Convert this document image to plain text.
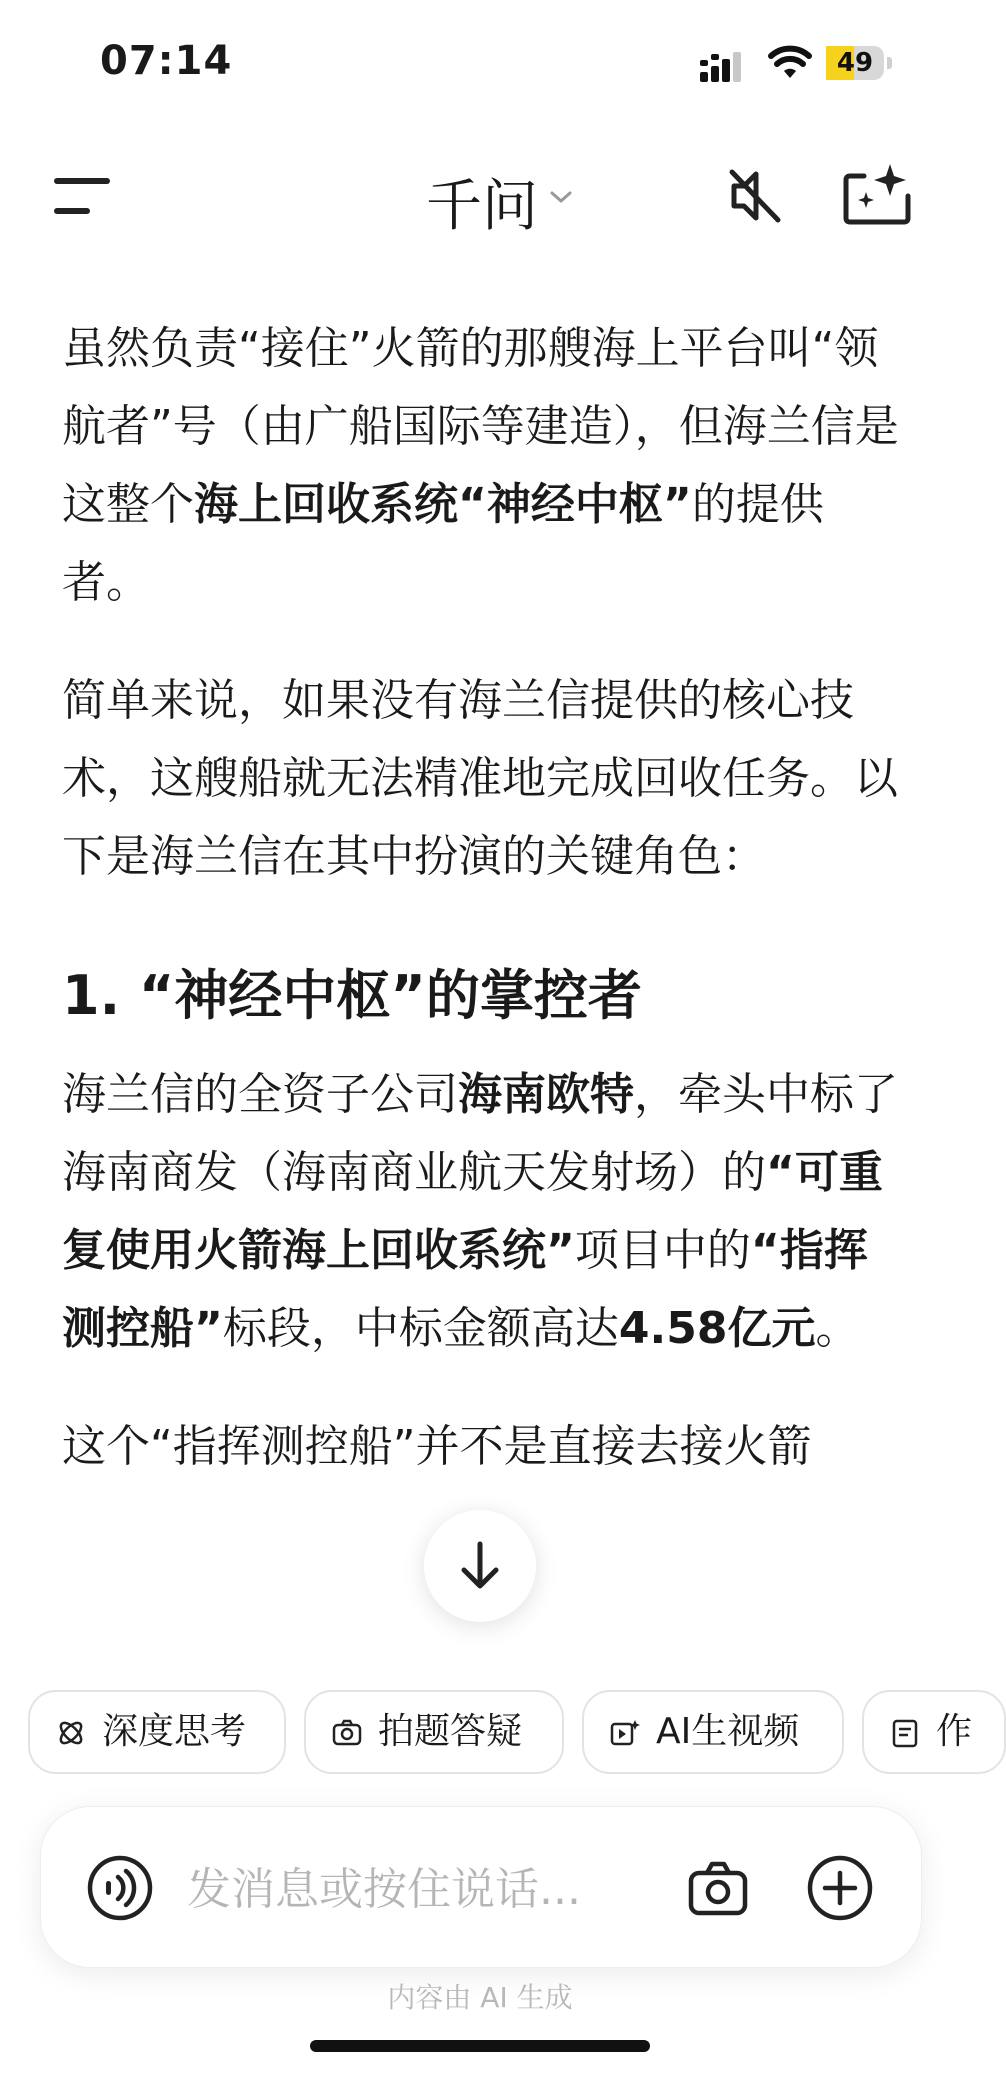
07:14	49
千问

虽然负责“接住”火箭的那艘海上平台叫“领航者”号（由广船国际等建造），但海兰信是这整个海上回收系统“神经中枢”的提供者。

简单来说，如果没有海兰信提供的核心技术，这艘船就无法精准地完成回收任务。以下是海兰信在其中扮演的关键角色：

1. “神经中枢”的掌控者

海兰信的全资子公司海南欧特，牵头中标了海南商发（海南商业航天发射场）的“可重复使用火箭海上回收系统”项目中的“指挥测控船”标段，中标金额高达4.58亿元。

这个“指挥测控船”并不是直接去接火箭

深度思考	拍题答疑	AI生视频	作
发消息或按住说话...
内容由 AI 生成
